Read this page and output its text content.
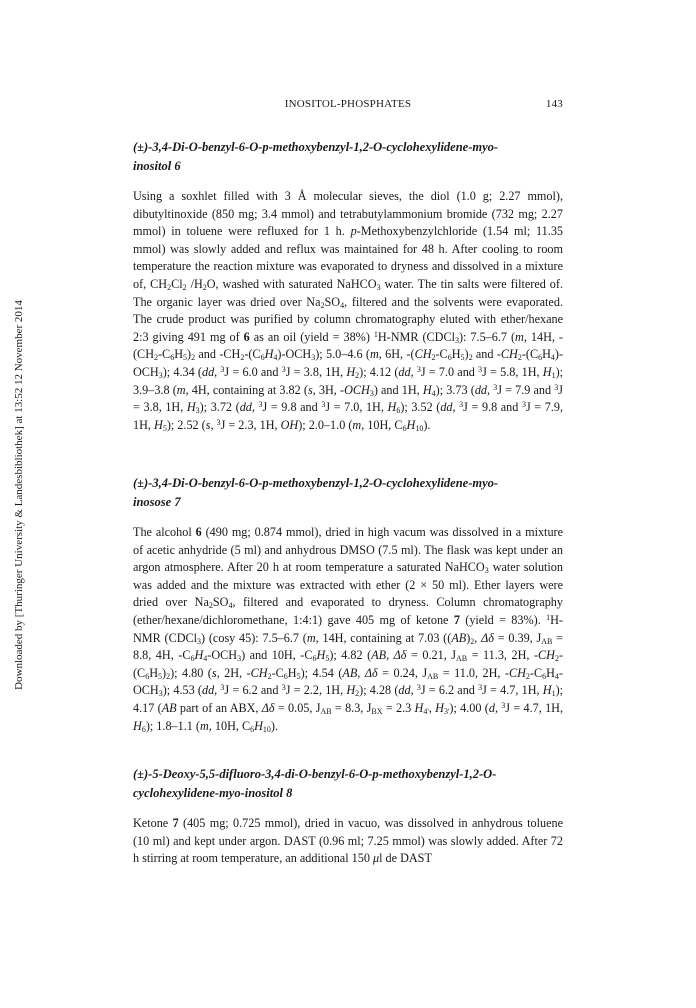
INOSITOL-PHOSPHATES	143
Downloaded by [Thuringer University & Landesbibliothek] at 13:52 12 November 2014
(±)-3,4-Di-O-benzyl-6-O-p-methoxybenzyl-1,2-O-cyclohexylidene-myo-
inositol 6
Using a soxhlet filled with 3 Å molecular sieves, the diol (1.0 g; 2.27 mmol), dibutyltinoxide (850 mg; 3.4 mmol) and tetrabutylammonium bromide (732 mg; 2.27 mmol) in toluene were refluxed for 1 h. p-Methoxybenzylchloride (1.54 ml; 11.35 mmol) was slowly added and reflux was maintained for 48 h. After cooling to room temperature the reaction mixture was evaporated to dryness and dissolved in a mixture of, $CH_2Cl_2$ $/H_2O$, washed with saturated NaHCO$_3$ water. The tin salts were filtered of. The organic layer was dried over $Na_2SO_4$, filtered and the solvents were evaporated. The crude product was purified by column chromatography eluted with ether/hexane 2:3 giving 491 mg of 6 as an oil (yield = 38%) $^1$H-NMR (CDCl$_3$): 7.5–6.7 (m, 14H, $-(CH_2-C_6H_5)_2$ and $-CH_2-(C_6H_4)-OCH_3$); 5.0–4.6 (m, 6H, $-(CH_2-C_6H_5)_2$ and $-CH_2-(C_6H_4)-OCH_3$); 4.34 (dd, $^3$J = 6.0 and $^3$J = 3.8, 1H, $H_2$); 4.12 (dd, $^3$J = 7.0 and $^3$J = 5.8, 1H, $H_1$); 3.9–3.8 (m, 4H, containing at 3.82 (s, 3H, $-OCH_3$) and 1H, $H_4$); 3.73 (dd, $^3$J = 7.9 and $^3$J = 3.8, 1H, $H_3$); 3.72 (dd, $^3$J = 9.8 and $^3$J = 7.0, 1H, $H_6$); 3.52 (dd, $^3$J = 9.8 and $^3$J = 7.9, 1H, $H_5$); 2.52 (s, $^3$J = 2.3, 1H, OH); 2.0–1.0 (m, 10H, $C_6H_{10}$).
(±)-3,4-Di-O-benzyl-6-O-p-methoxybenzyl-1,2-O-cyclohexylidene-myo-
inosose 7
The alcohol 6 (490 mg; 0.874 mmol), dried in high vacum was dissolved in a mixture of acetic anhydride (5 ml) and anhydrous DMSO (7.5 ml). The flask was kept under an argon atmosphere. After 20 h at room temperature a saturated NaHCO$_3$ water solution was added and the mixture was extracted with ether (2 × 50 ml). Ether layers were dried over $Na_2SO_4$, filtered and evaporated to dryness. Column chromatography (ether/hexane/dichloromethane, 1:4:1) gave 405 mg of ketone 7 (yield = 83%). $^1$H-NMR (CDCl$_3$) (cosy 45): 7.5–6.7 (m, 14H, containing at 7.03 ($(AB)_2$, Δδ = 0.39, $J_{AB} = 8.8$, 4H, $-C_6H_4-OCH_3$) and 10H, $-C_6H_5$); 4.82 (AB, Δδ = 0.21, $J_{AB} = 11.3$, 2H, $-CH_2-(C_6H_5)_2$); 4.80 (s, 2H, $-CH_2-C_6H_5$); 4.54 (AB, Δδ = 0.24, $J_{AB} = 11.0$, 2H, $-CH_2-C_6H_4-OCH_3$); 4.53 (dd, $^3$J = 6.2 and $^3$J = 2.2, 1H, $H_2$); 4.28 (dd, $^3$J = 6.2 and $^3$J = 4.7, 1H, $H_1$); 4.17 (AB part of an ABX, Δδ = 0.05, $J_{AB} = 8.3$, $J_{BX} = 2.3$ $H_{4'}$, $H_{3'}$); 4.00 (d, $^3$J = 4.7, 1H, $H_6$); 1.8–1.1 (m, 10H, $C_6H_{10}$).
(±)-5-Deoxy-5,5-difluoro-3,4-di-O-benzyl-6-O-p-methoxybenzyl-1,2-O-
cyclohexylidene-myo-inositol 8
Ketone 7 (405 mg; 0.725 mmol), dried in vacuo, was dissolved in anhydrous toluene (10 ml) and kept under argon. DAST (0.96 ml; 7.25 mmol) was slowly added. After 72 h stirring at room temperature, an additional 150 μl de DAST
